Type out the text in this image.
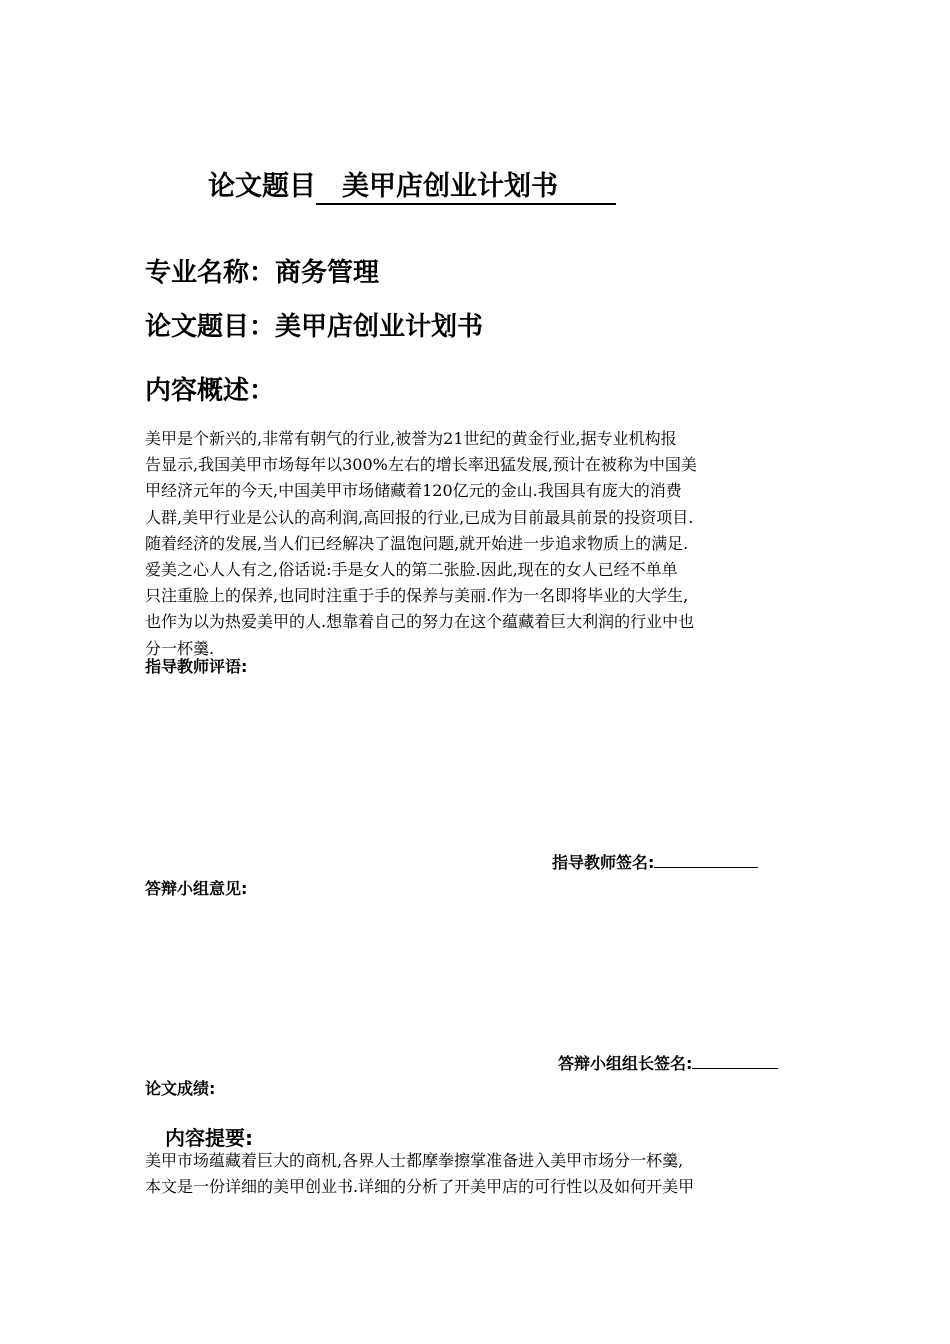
论文题目 美甲店创业计划书
专业名称：商务管理
论文题目：美甲店创业计划书
内容概述：
美甲是个新兴的,非常有朝气的行业,被誉为21世纪的黄金行业,据专业机构报
告显示,我国美甲市场每年以300%左右的增长率迅猛发展,预计在被称为中国美
甲经济元年的今天,中国美甲市场储藏着120亿元的金山.我国具有庞大的消费
人群,美甲行业是公认的高利润,高回报的行业,已成为目前最具前景的投资项目.
随着经济的发展,当人们已经解决了温饱问题,就开始进一步追求物质上的满足.
爱美之心人人有之,俗话说:手是女人的第二张脸.因此,现在的女人已经不单单
只注重脸上的保养,也同时注重于手的保养与美丽.作为一名即将毕业的大学生,
也作为以为热爱美甲的人.想靠着自己的努力在这个蕴藏着巨大利润的行业中也
分一杯羹.
指导教师评语:
指导教师签名:
答辩小组意见:
答辩小组组长签名:
论文成绩:
内容提要:
美甲市场蕴藏着巨大的商机,各界人士都摩拳擦掌准备进入美甲市场分一杯羹,
本文是一份详细的美甲创业书.详细的分析了开美甲店的可行性以及如何开美甲
